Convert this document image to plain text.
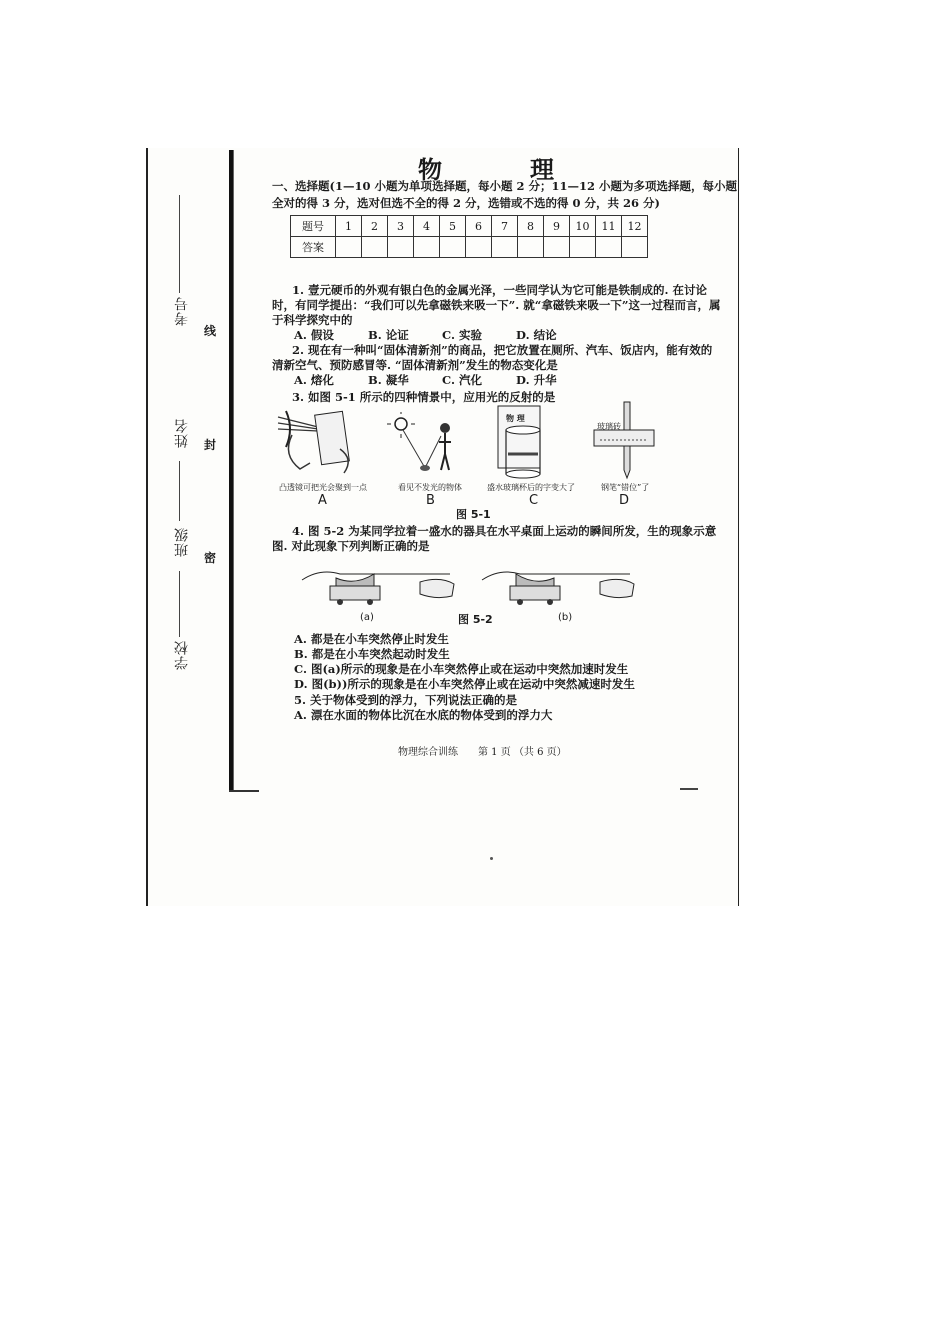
考号
姓名
班级
学校
线
封
密
物　理
一、选择题(1—10 小题为单项选择题，每小题 2 分；11—12 小题为多项选择题，每小题
全对的得 3 分，选对但选不全的得 2 分，选错或不选的得 0 分，共 26 分)
题号	1	2	3	4	5	6	7	8	9	10	11	12
答案												
1. 壹元硬币的外观有银白色的金属光泽，一些同学认为它可能是铁制成的. 在讨论
时，有同学提出：“我们可以先拿磁铁来吸一下”. 就“拿磁铁来吸一下”这一过程而言，属
于科学探究中的
A. 假设	B. 论证	C. 实验	D. 结论
2. 现在有一种叫“固体清新剂”的商品，把它放置在厕所、汽车、饭店内，能有效的
清新空气、预防感冒等. “固体清新剂”发生的物态变化是
A. 熔化	B. 凝华	C. 汽化	D. 升华
3. 如图 5-1 所示的四种情景中，应用光的反射的是
凸透镜可把光会聚到一点
A
看见不发光的物体
B
物 理
盛水玻璃杯后的字变大了
C
玻璃砖
钢笔“错位”了
D
图 5-1
4. 图 5-2 为某同学拉着一盛水的器具在水平桌面上运动的瞬间所发，生的现象示意
图. 对此现象下列判断正确的是
(a)	图 5-2	(b)
A. 都是在小车突然停止时发生
B. 都是在小车突然起动时发生
C. 图(a)所示的现象是在小车突然停止或在运动中突然加速时发生
D. 图(b))所示的现象是在小车突然停止或在运动中突然减速时发生
5. 关于物体受到的浮力，下列说法正确的是
A. 漂在水面的物体比沉在水底的物体受到的浮力大
物理综合训练　　第 1 页 （共 6 页）
